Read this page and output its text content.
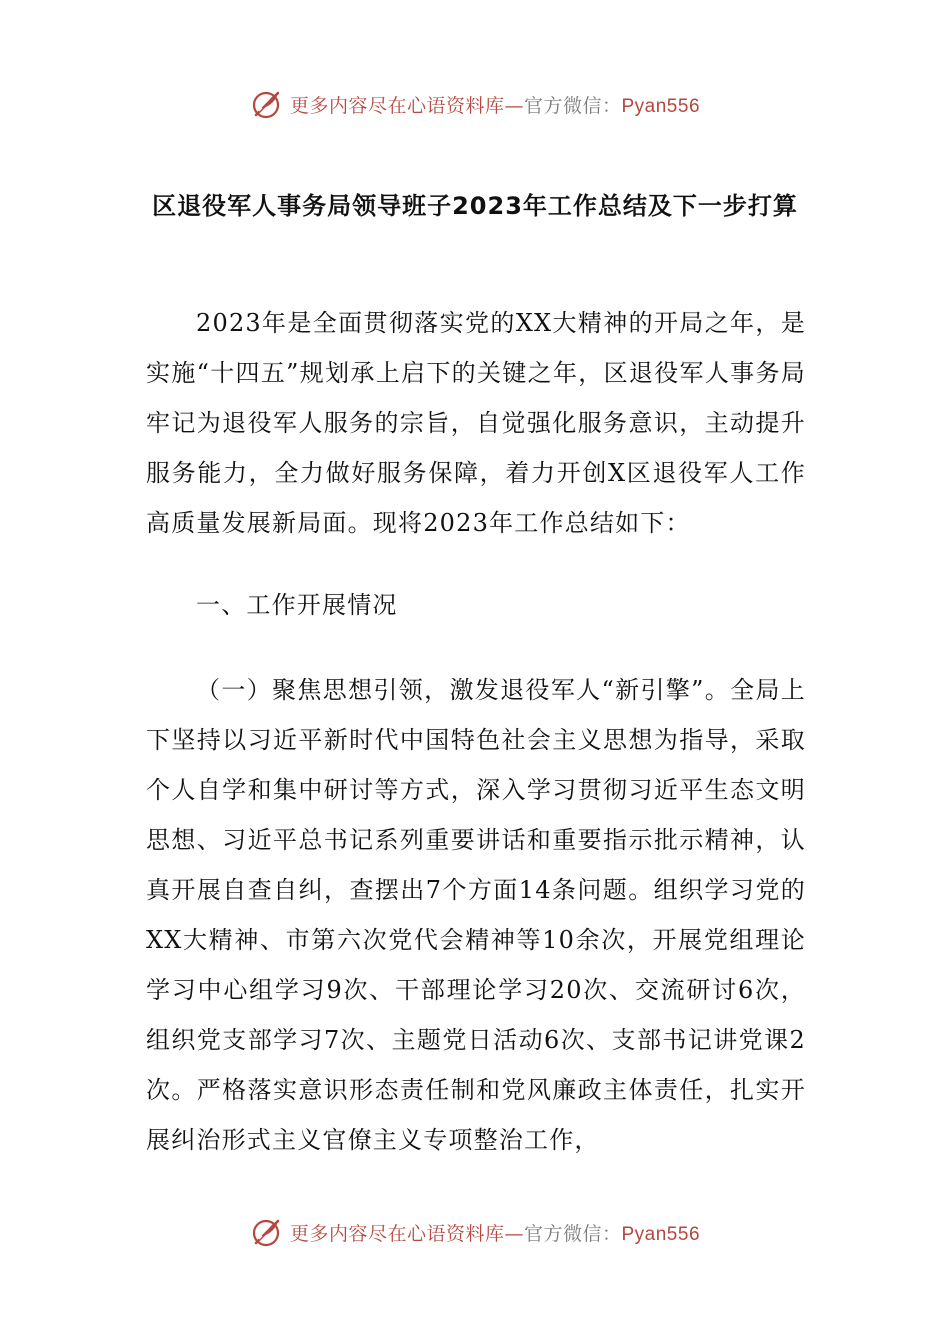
更多内容尽在心语资料库—官方微信：Pyan556
区退役军人事务局领导班子2023年工作总结及下一步打算

2023年是全面贯彻落实党的XX大精神的开局之年，是实施“十四五”规划承上启下的关键之年，区退役军人事务局牢记为退役军人服务的宗旨，自觉强化服务意识，主动提升服务能力，全力做好服务保障，着力开创X区退役军人工作高质量发展新局面。现将2023年工作总结如下：

一、工作开展情况

（一）聚焦思想引领，激发退役军人“新引擎”。全局上下坚持以习近平新时代中国特色社会主义思想为指导，采取个人自学和集中研讨等方式，深入学习贯彻习近平生态文明思想、习近平总书记系列重要讲话和重要指示批示精神，认真开展自查自纠，查摆出7个方面14条问题。组织学习党的XX大精神、市第六次党代会精神等10余次，开展党组理论学习中心组学习9次、干部理论学习20次、交流研讨6次，组织党支部学习7次、主题党日活动6次、支部书记讲党课2次。严格落实意识形态责任制和党风廉政主体责任，扎实开展纠治形式主义官僚主义专项整治工作，

更多内容尽在心语资料库—官方微信：Pyan556
